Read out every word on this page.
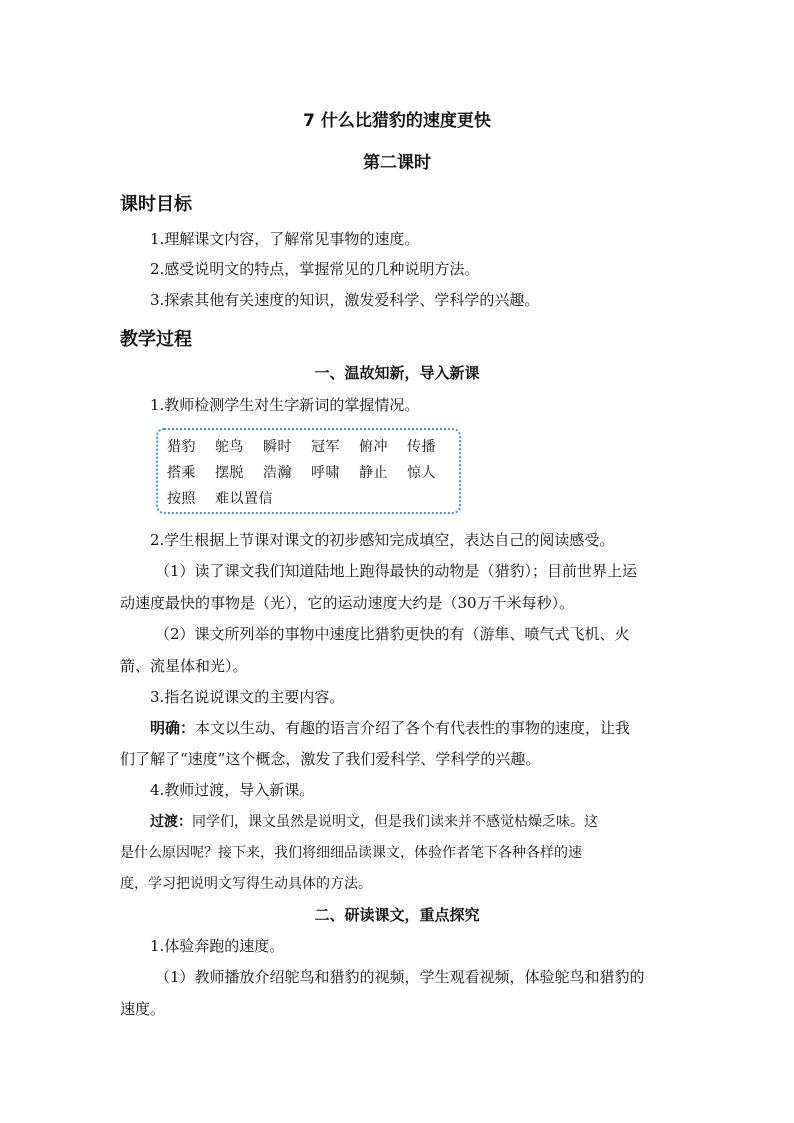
7 什么比猎豹的速度更快
第二课时
课时目标
1.理解课文内容，了解常见事物的速度。
2.感受说明文的特点，掌握常见的几种说明方法。
3.探索其他有关速度的知识，激发爱科学、学科学的兴趣。
教学过程
一、温故知新，导入新课
1.教师检测学生对生字新词的掌握情况。
猎豹 鸵鸟 瞬时 冠军 俯冲 传播
搭乘 摆脱 浩瀚 呼啸 静止 惊人
按照 难以置信
2.学生根据上节课对课文的初步感知完成填空，表达自己的阅读感受。
（1）读了课文我们知道陆地上跑得最快的动物是（猎豹）；目前世界上运
动速度最快的事物是（光），它的运动速度大约是（30万千米每秒）。
（2）课文所列举的事物中速度比猎豹更快的有（游隼、喷气式飞机、火
箭、流星体和光）。
3.指名说说课文的主要内容。
明确：本文以生动、有趣的语言介绍了各个有代表性的事物的速度，让我
们了解了“速度”这个概念，激发了我们爱科学、学科学的兴趣。
4.教师过渡，导入新课。
过渡：同学们，课文虽然是说明文，但是我们读来并不感觉枯燥乏味。这
是什么原因呢？接下来，我们将细细品读课文，体验作者笔下各种各样的速
度，学习把说明文写得生动具体的方法。
二、研读课文，重点探究
1.体验奔跑的速度。
（1）教师播放介绍鸵鸟和猎豹的视频，学生观看视频，体验鸵鸟和猎豹的
速度。
